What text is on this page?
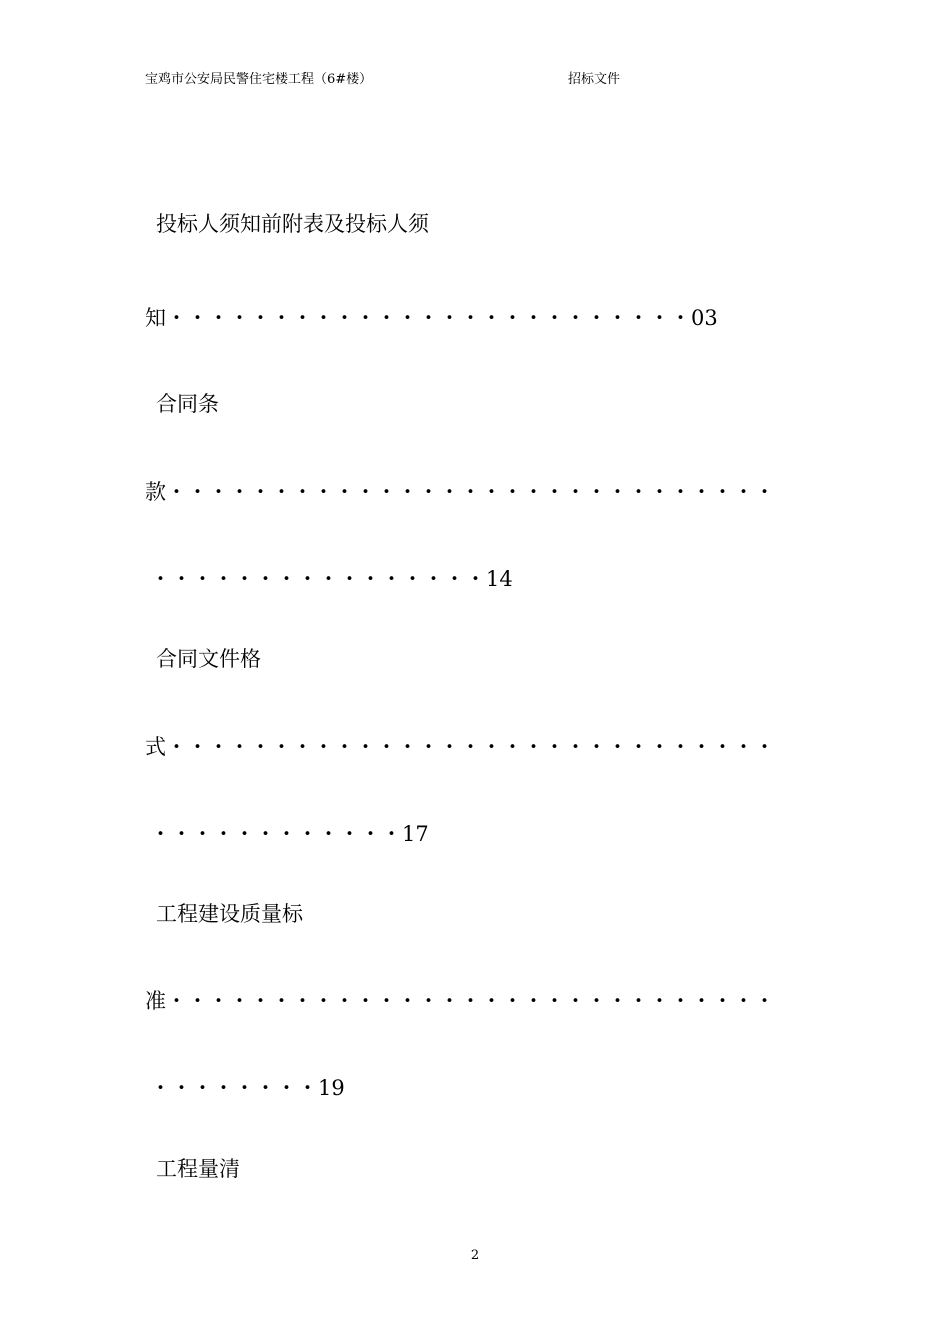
宝鸡市公安局民警住宅楼工程（6#楼）	招标文件
投标人须知前附表及投标人须
知・・・・・・・・・・・・・・・・・・・・・・・・・03
合同条
款・・・・・・・・・・・・・・・・・・・・・・・・・・・・・
・・・・・・・・・・・・・・・・14
合同文件格
式・・・・・・・・・・・・・・・・・・・・・・・・・・・・・
・・・・・・・・・・・・17
工程建设质量标
准・・・・・・・・・・・・・・・・・・・・・・・・・・・・・
・・・・・・・・19
工程量清
2
